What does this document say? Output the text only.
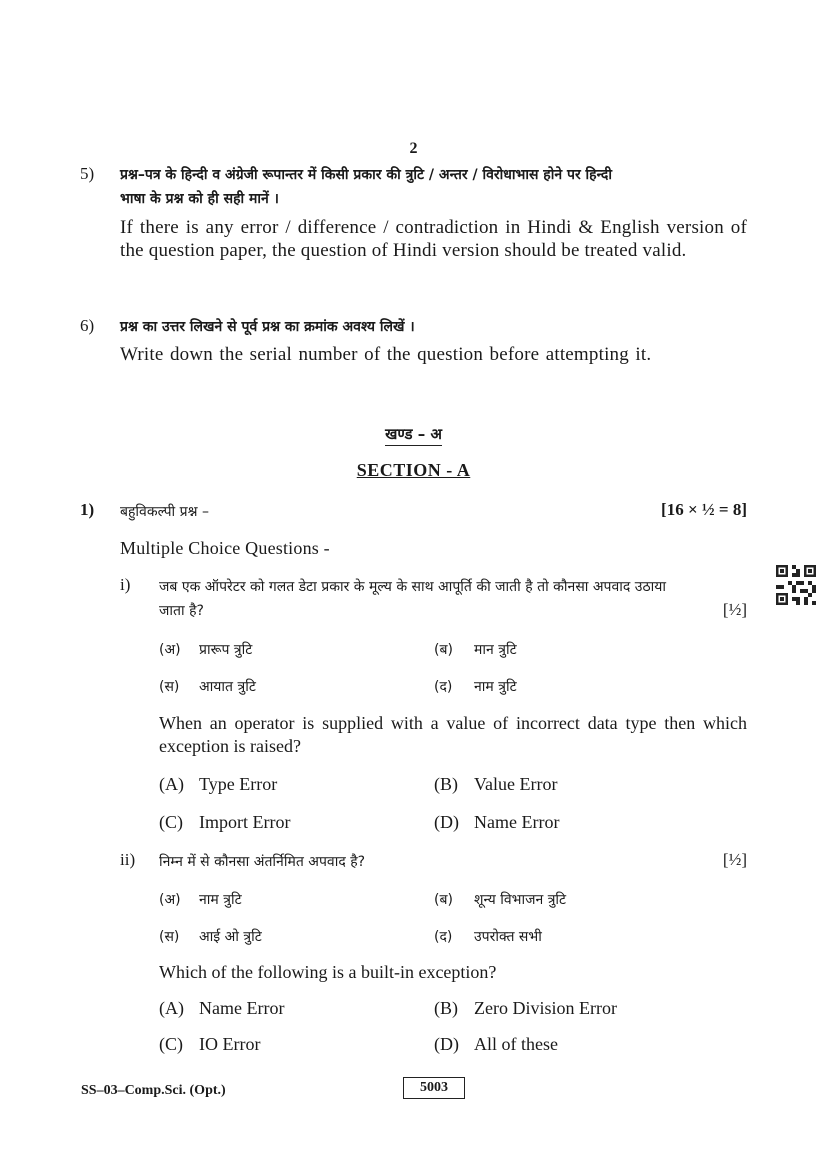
2
5) प्रश्न–पत्र के हिन्दी व अंग्रेजी रूपान्तर में किसी प्रकार की त्रुटि / अन्तर / विरोधाभास होने पर हिन्दी
भाषा के प्रश्न को ही सही मानें ।
If there is any error / difference / contradiction in Hindi & English version of the question paper, the question of Hindi version should be treated valid.
6) प्रश्न का उत्तर लिखने से पूर्व प्रश्न का क्रमांक अवश्य लिखें ।
Write down the serial number of the question before attempting it.
खण्ड – अ
SECTION - A
1) बहुविकल्पी प्रश्न –	[16 × ½ = 8]
Multiple Choice Questions -
i) जब एक ऑपरेटर को गलत डेटा प्रकार के मूल्य के साथ आपूर्ति की जाती है तो कौनसा अपवाद उठाया
जाता है?	[½]
(अ) प्रारूप त्रुटि	(ब) मान त्रुटि
(स) आयात त्रुटि	(द) नाम त्रुटि
When an operator is supplied with a value of incorrect data type then which exception is raised?
(A) Type Error	(B) Value Error
(C) Import Error	(D) Name Error
ii) निम्न में से कौनसा अंतर्निमित अपवाद है?	[½]
(अ) नाम त्रुटि	(ब) शून्य विभाजन त्रुटि
(स) आई ओ त्रुटि	(द) उपरोक्त सभी
Which of the following is a built-in exception?
(A) Name Error	(B) Zero Division Error
(C) IO Error	(D) All of these
SS–03–Comp.Sci. (Opt.)	5003
